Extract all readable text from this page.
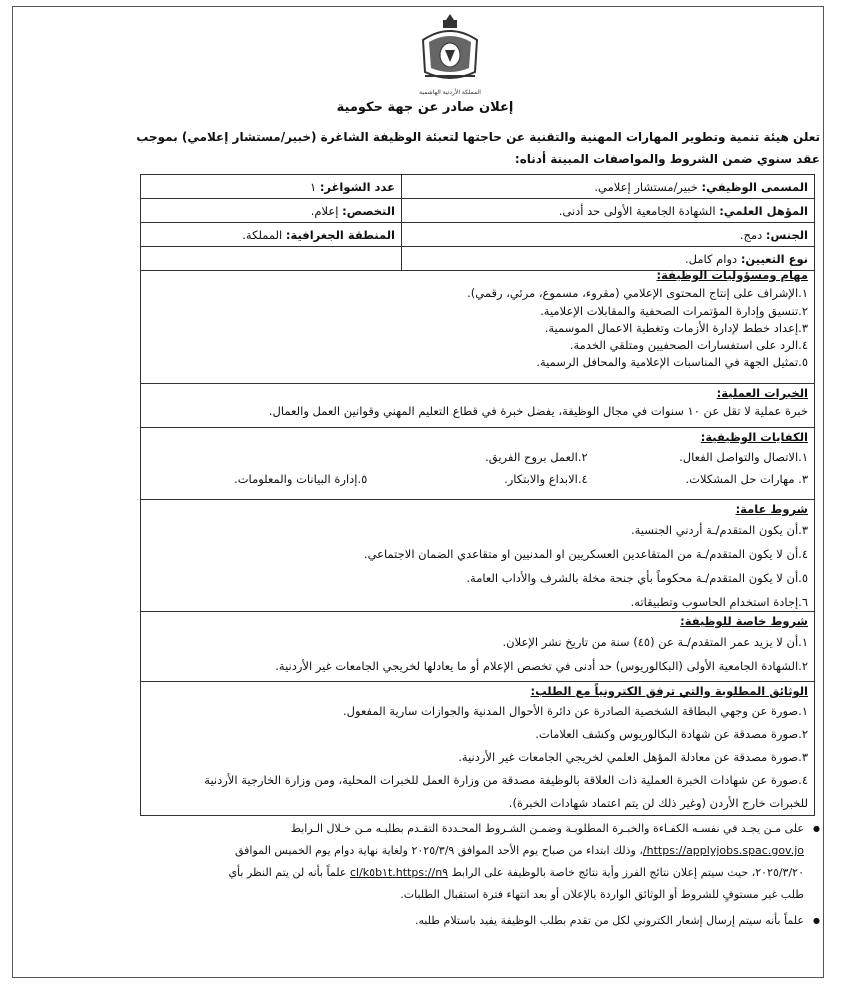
المملكة الأردنية الهاشمية
إعلان صادر عن جهة حكومية
تعلن هيئة تنمية وتطوير المهارات المهنية والتقنية عن حاجتها لتعبئة الوظيفة الشاغرة (خبير/مستشار إعلامي) بموجب عقد سنوي ضمن الشروط والمواصفات المبينة أدناه:
المسمى الوظيفي: خبير/مستشار إعلامي.	عدد الشواغر: ١
المؤهل العلمي: الشهادة الجامعية الأولى حد أدنى.	التخصص: إعلام.
الجنس: دمج.	المنطقة الجغرافية: المملكة.
نوع التعيين: دوام كامل.	
مهام ومسؤوليات الوظيفة:
١.الإشراف على إنتاج المحتوى الإعلامي (مقروء، مسموع، مرئي، رقمي).
٢.تنسيق وإدارة المؤتمرات الصحفية والمقابلات الإعلامية.
٣.إعداد خطط لإدارة الأزمات وتغطية الاعمال الموسمية.
٤.الرد على استفسارات الصحفيين ومتلقي الخدمة.
٥.تمثيل الجهة في المناسبات الإعلامية والمحافل الرسمية.
الخبرات العملية:
خبرة عملية لا تقل عن ١٠ سنوات في مجال الوظيفة، يفضل خبرة في قطاع التعليم المهني وقوانين العمل والعمال.
الكفايات الوظيفية:
١.الاتصال والتواصل الفعال.
٢.العمل بروح الفريق.
٣. مهارات حل المشكلات.
٤.الابداع والابتكار.
٥.إدارة البيانات والمعلومات.
شروط عامة:
٣.أن يكون المتقدم/ـة أردني الجنسية.
٤.أن لا يكون المتقدم/ـة من المتقاعدين العسكريين او المدنيين او متقاعدي الضمان الاجتماعي.
٥.أن لا يكون المتقدم/ـة محكوماً بأي جنحة مخلة بالشرف والأداب العامة.
٦.إجادة استخدام الحاسوب وتطبيقاته.
شروط خاصة للوظيفة:
١.أن لا يزيد عمر المتقدم/ـة عن (٤٥) سنة من تاريخ نشر الإعلان.
٢.الشهادة الجامعية الأولى (البكالوريوس) حد أدنى في تخصص الإعلام أو ما يعادلها لخريجي الجامعات غير الأردنية.
الوثائق المطلوبة والتي ترفق الكترونياً مع الطلب:
١.صورة عن وجهي البطاقة الشخصية الصادرة عن دائرة الأحوال المدنية والجوازات سارية المفعول.
٢.صورة مصدقة عن شهادة البكالوريوس وكشف العلامات.
٣.صورة مصدقة عن معادلة المؤهل العلمي لخريجي الجامعات غير الأردنية.
٤.صورة عن شهادات الخبرة العملية ذات العلاقة بالوظيفة مصدقة من وزارة العمل للخبرات المحلية، ومن وزارة الخارجية الأردنية
للخبرات خارج الأردن (وغير ذلك لن يتم اعتماد شهادات الخبرة).
● على مـن يجـد في نفسـه الكفـاءة والخبـرة المطلوبـة وضمـن الشـروط المحـددة التقـدم بطلبـه مـن خـلال الـرابط
https://applyjobs.spac.gov.jo/، وذلك ابتداء من صباح يوم الأحد الموافق ٢٠٢٥/٣/٩ ولغاية نهاية دوام يوم الخميس الموافق
٢٠٢٥/٣/٢٠، حيث سيتم إعلان نتائج الفرز وأية نتائج خاصة بالوظيفة على الرابط https://n٩.cl/k٥b١t علماً بأنه لن يتم النظر بأي
طلب غير مستوفٍ للشروط أو الوثائق الواردة بالإعلان أو بعد انتهاء فترة استقبال الطلبات.
● علماً بأنه سيتم إرسال إشعار الكتروني لكل من تقدم بطلب الوظيفة يفيد باستلام طلبه.
